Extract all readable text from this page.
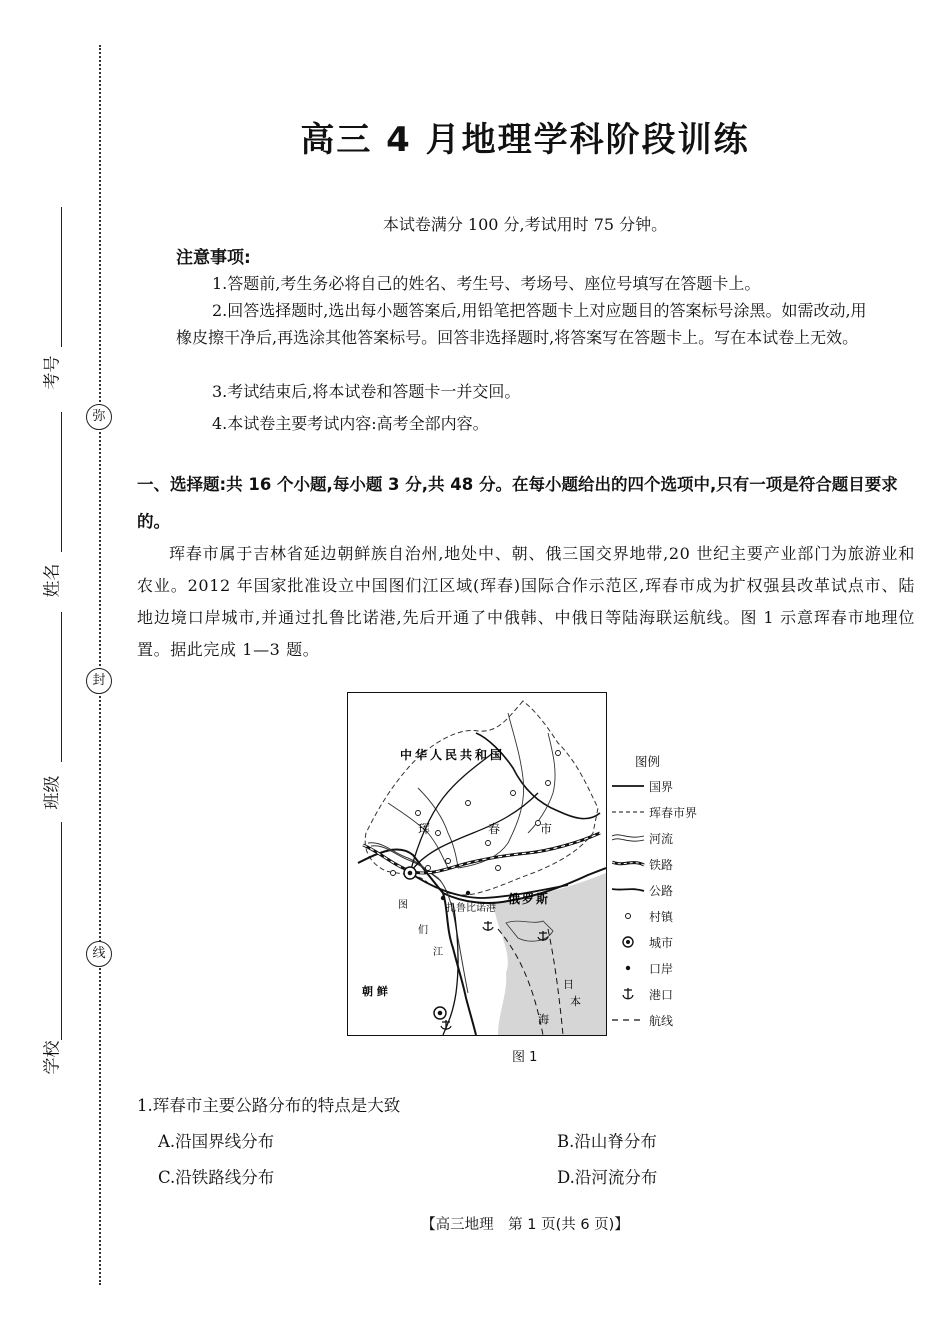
弥
封
线
考号
姓名
班级
学校
高三 4 月地理学科阶段训练
本试卷满分 100 分,考试用时 75 分钟。
注意事项:
1.答题前,考生务必将自己的姓名、考生号、考场号、座位号填写在答题卡上。
2.回答选择题时,选出每小题答案后,用铅笔把答题卡上对应题目的答案标号涂黑。如需改动,用橡皮擦干净后,再选涂其他答案标号。回答非选择题时,将答案写在答题卡上。写在本试卷上无效。
3.考试结束后,将本试卷和答题卡一并交回。
4.本试卷主要考试内容:高考全部内容。
一、选择题:共 16 个小题,每小题 3 分,共 48 分。在每小题给出的四个选项中,只有一项是符合题目要求的。
珲春市属于吉林省延边朝鲜族自治州,地处中、朝、俄三国交界地带,20 世纪主要产业部门为旅游业和农业。2012 年国家批准设立中国图们江区域(珲春)国际合作示范区,珲春市成为扩权强县改革试点市、陆地边境口岸城市,并通过扎鲁比诺港,先后开通了中俄韩、中俄日等陆海联运航线。图 1 示意珲春市地理位置。据此完成 1—3 题。
中华人民共和国
珲	春	市
俄罗斯
扎鲁比诺港
图
们
江
朝 鲜
日
本
海
图例
国界
珲春市界
河流
铁路
公路
村镇
城市
口岸
港口
航线
图 1
1.珲春市主要公路分布的特点是大致
A.沿国界线分布	B.沿山脊分布
C.沿铁路线分布	D.沿河流分布
【高三地理　第 1 页(共 6 页)】
